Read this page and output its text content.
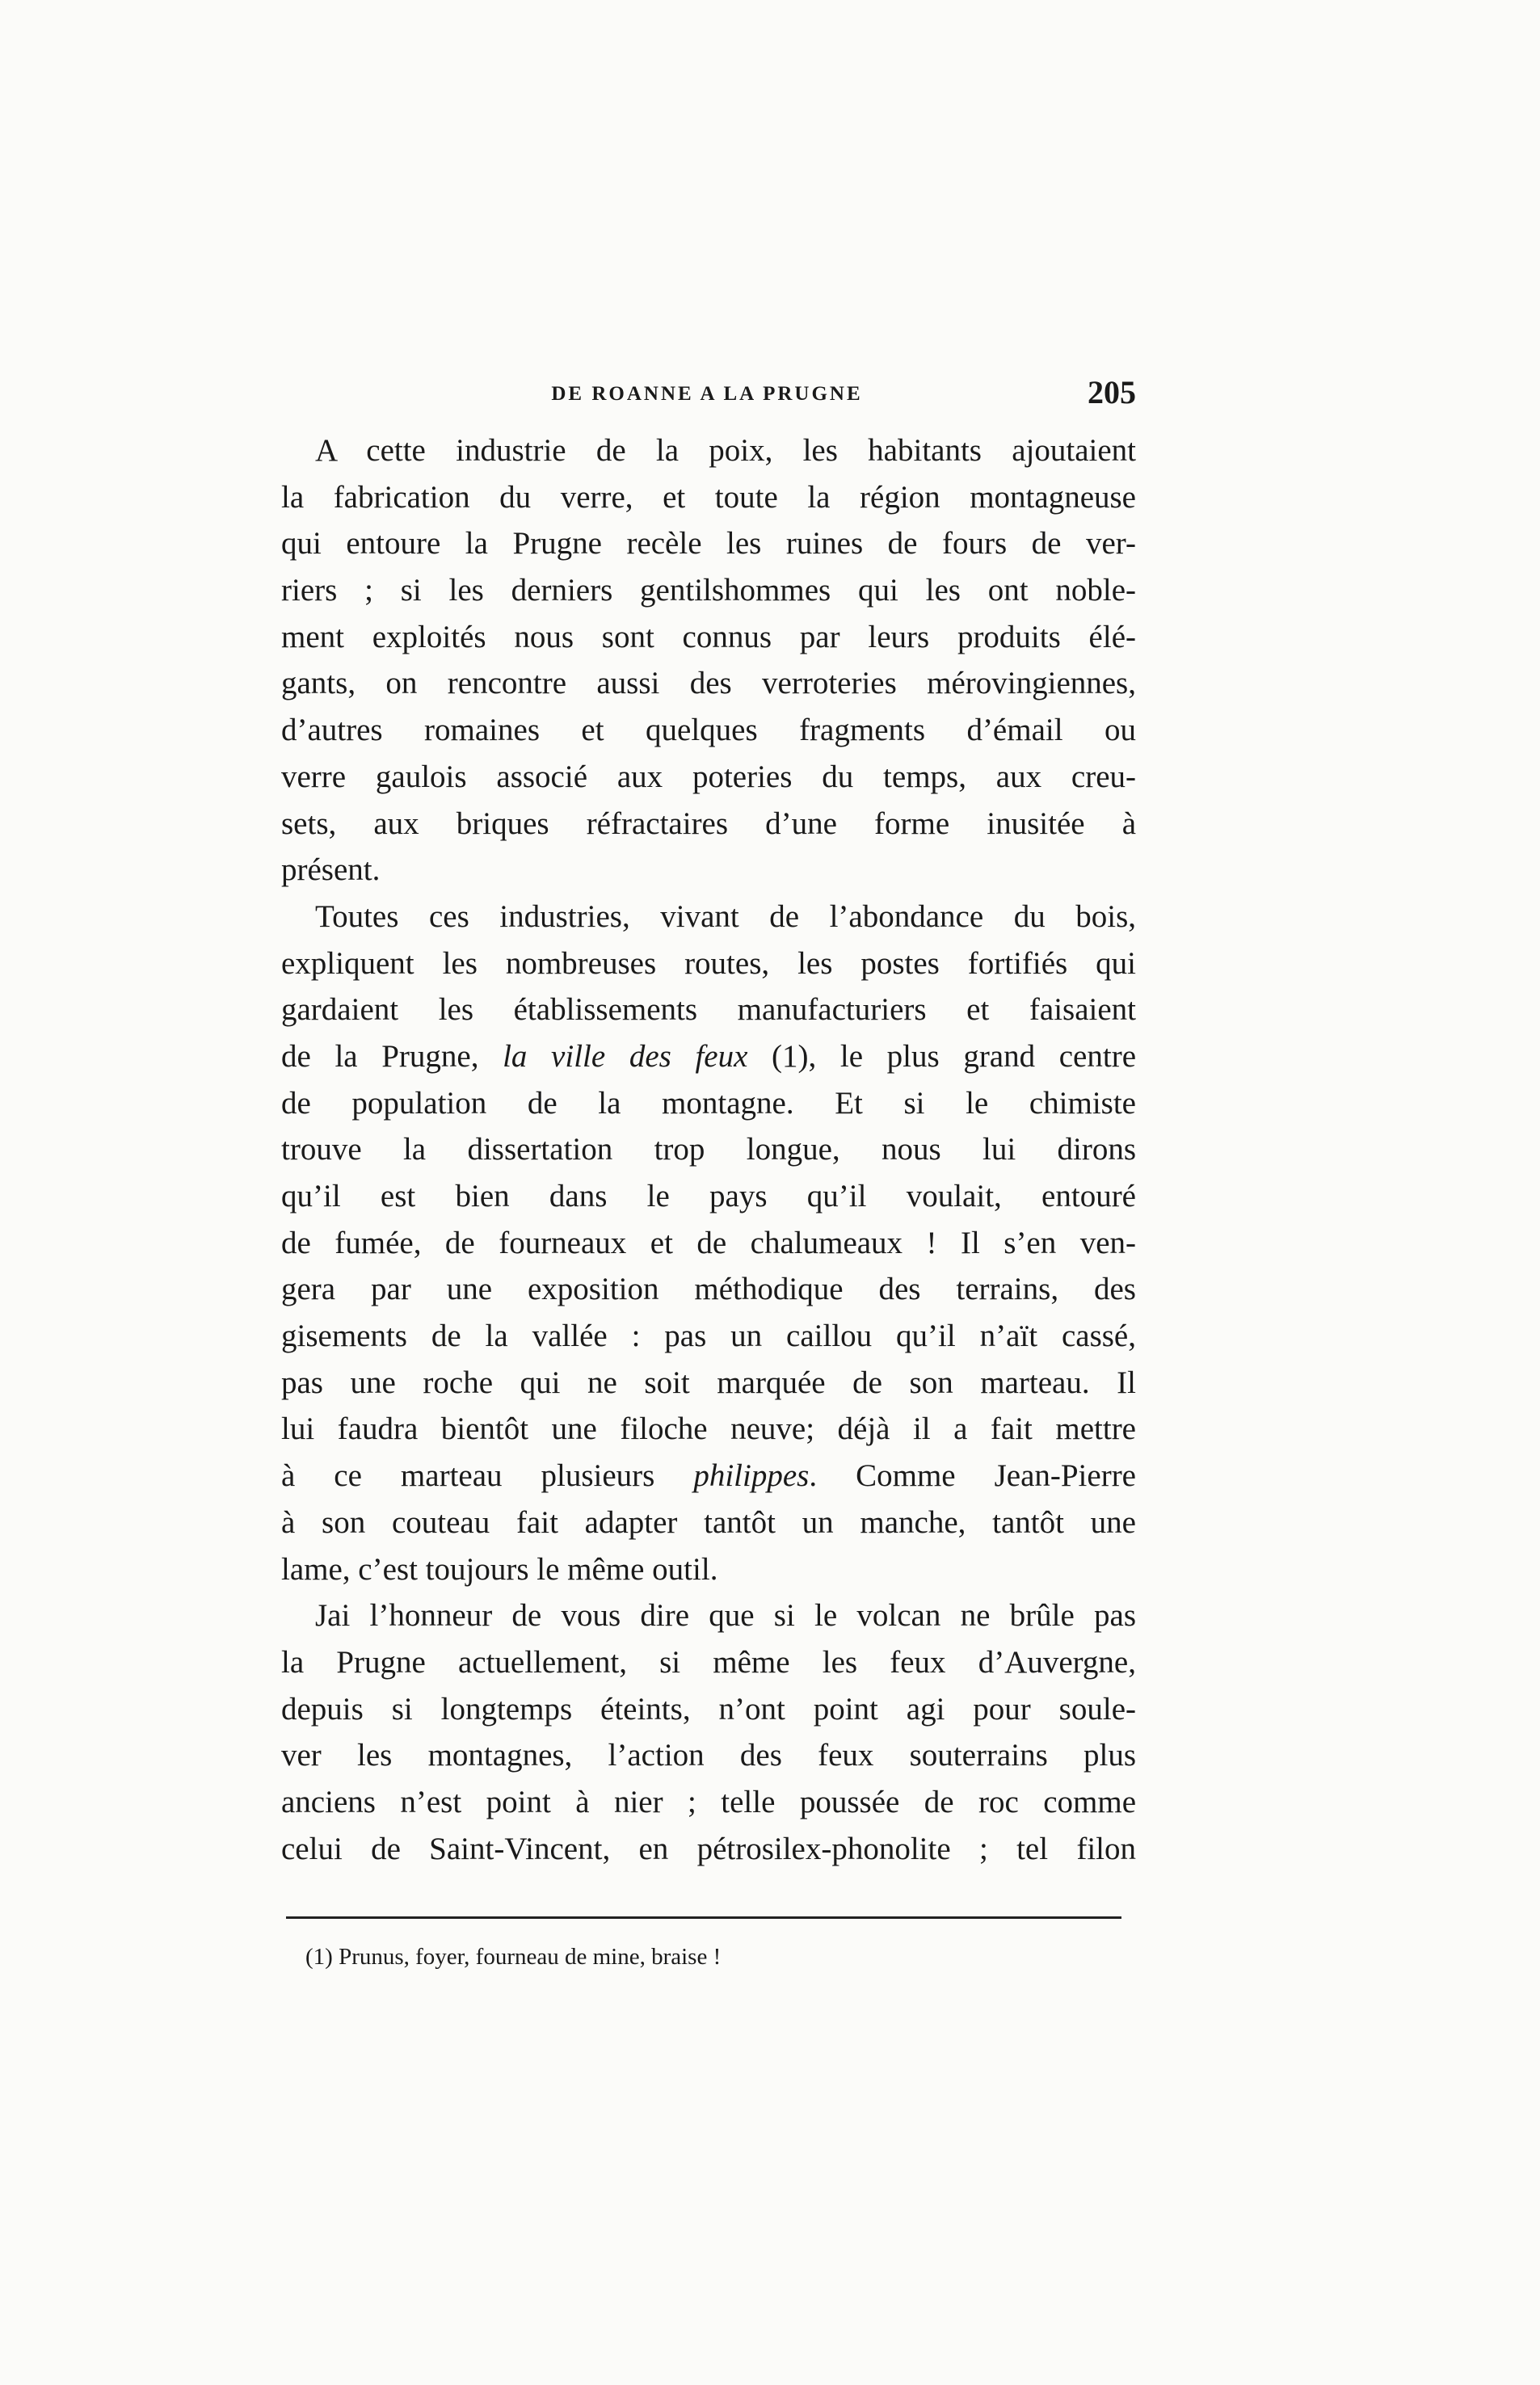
DE ROANNE A LA PRUGNE	205
A cette industrie de la poix, les habitants ajoutaient
la fabrication du verre, et toute la région montagneuse
qui entoure la Prugne recèle les ruines de fours de ver-
riers ; si les derniers gentilshommes qui les ont noble-
ment exploités nous sont connus par leurs produits élé-
gants, on rencontre aussi des verroteries mérovingiennes,
d’autres romaines et quelques fragments d’émail ou
verre gaulois associé aux poteries du temps, aux creu-
sets, aux briques réfractaires d’une forme inusitée à
présent.
Toutes ces industries, vivant de l’abondance du bois,
expliquent les nombreuses routes, les postes fortifiés qui
gardaient les établissements manufacturiers et faisaient
de la Prugne, la ville des feux (1), le plus grand centre
de population de la montagne. Et si le chimiste
trouve la dissertation trop longue, nous lui dirons
qu’il est bien dans le pays qu’il voulait, entouré
de fumée, de fourneaux et de chalumeaux ! Il s’en ven-
gera par une exposition méthodique des terrains, des
gisements de la vallée : pas un caillou qu’il n’aït cassé,
pas une roche qui ne soit marquée de son marteau. Il
lui faudra bientôt une filoche neuve; déjà il a fait mettre
à ce marteau plusieurs philippes. Comme Jean-Pierre
à son couteau fait adapter tantôt un manche, tantôt une
lame, c’est toujours le même outil.
Jai l’honneur de vous dire que si le volcan ne brûle pas
la Prugne actuellement, si même les feux d’Auvergne,
depuis si longtemps éteints, n’ont point agi pour soule-
ver les montagnes, l’action des feux souterrains plus
anciens n’est point à nier ; telle poussée de roc comme
celui de Saint-Vincent, en pétrosilex-phonolite ; tel filon
(1) Prunus, foyer, fourneau de mine, braise !
